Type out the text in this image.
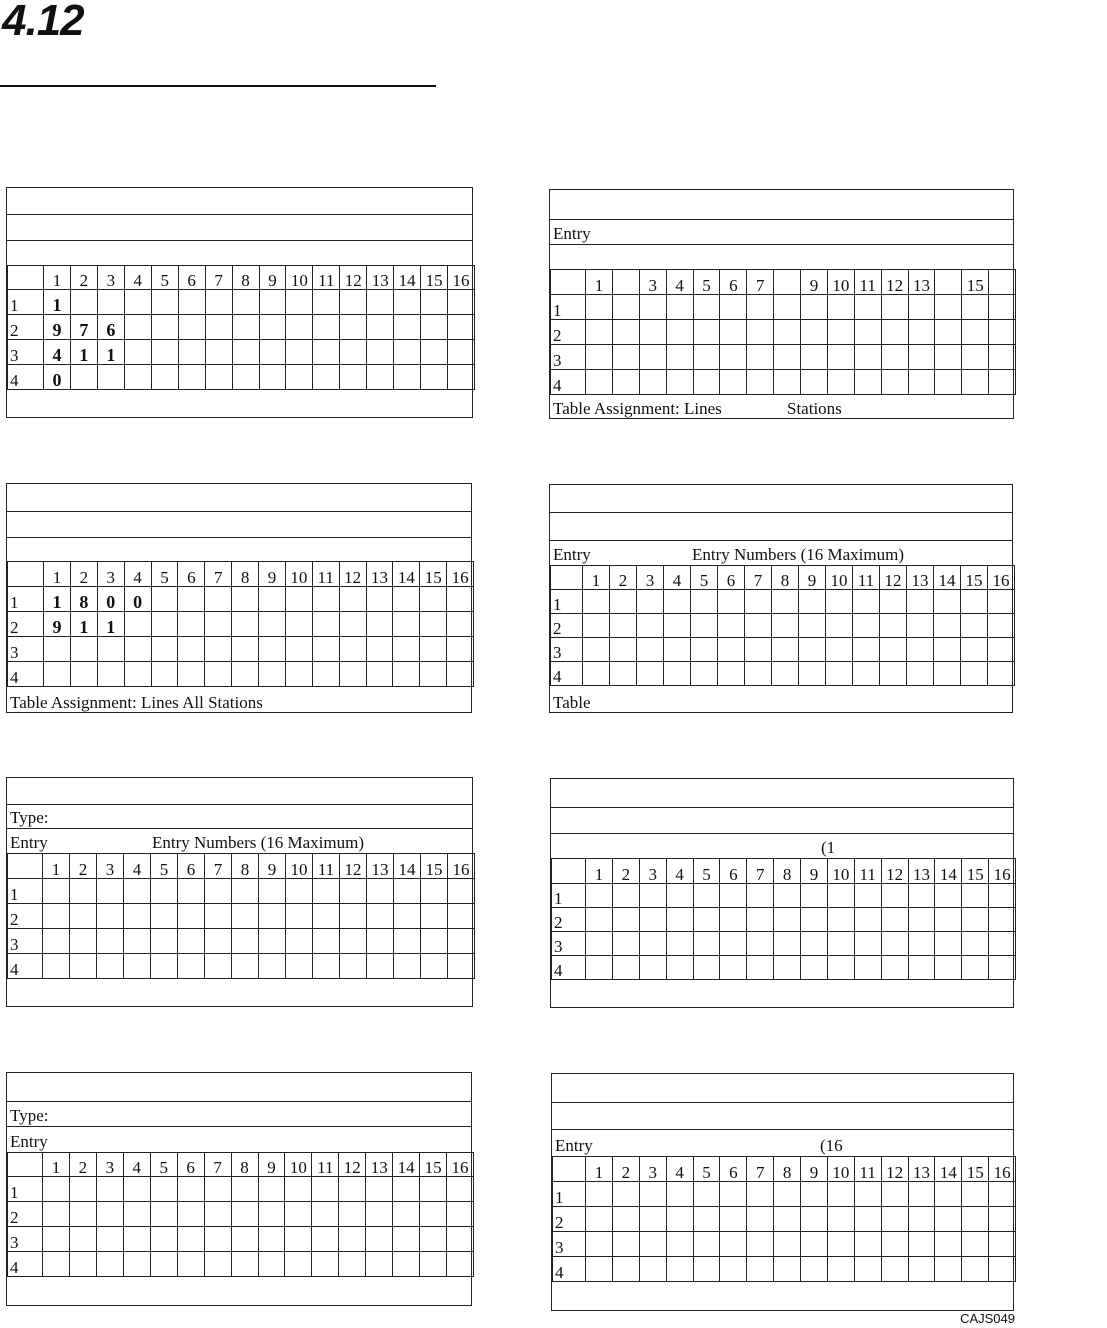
4.12
	1	2	3	4	5	6	7	8	9	10	11	12	13	14	15	16
1	1															
2	9	7	6													
3	4	1	1													
4	0															
Entry
	1		3	4	5	6	7		9	10	11	12	13		15	
1																
2																
3																
4																
Table Assignment: Lines	Stations
	1	2	3	4	5	6	7	8	9	10	11	12	13	14	15	16
1	1	8	0	0												
2	9	1	1													
3																
4																
Table Assignment: Lines All Stations
Entry	Entry Numbers (16 Maximum)
	1	2	3	4	5	6	7	8	9	10	11	12	13	14	15	16
1																
2																
3																
4																
Table
Type:
Entry	Entry Numbers (16 Maximum)
	1	2	3	4	5	6	7	8	9	10	11	12	13	14	15	16
1																
2																
3																
4																
(1
	1	2	3	4	5	6	7	8	9	10	11	12	13	14	15	16
1																
2																
3																
4																
Type:
Entry
	1	2	3	4	5	6	7	8	9	10	11	12	13	14	15	16
1																
2																
3																
4																
Entry	(16
	1	2	3	4	5	6	7	8	9	10	11	12	13	14	15	16
1																
2																
3																
4																
CAJS049
